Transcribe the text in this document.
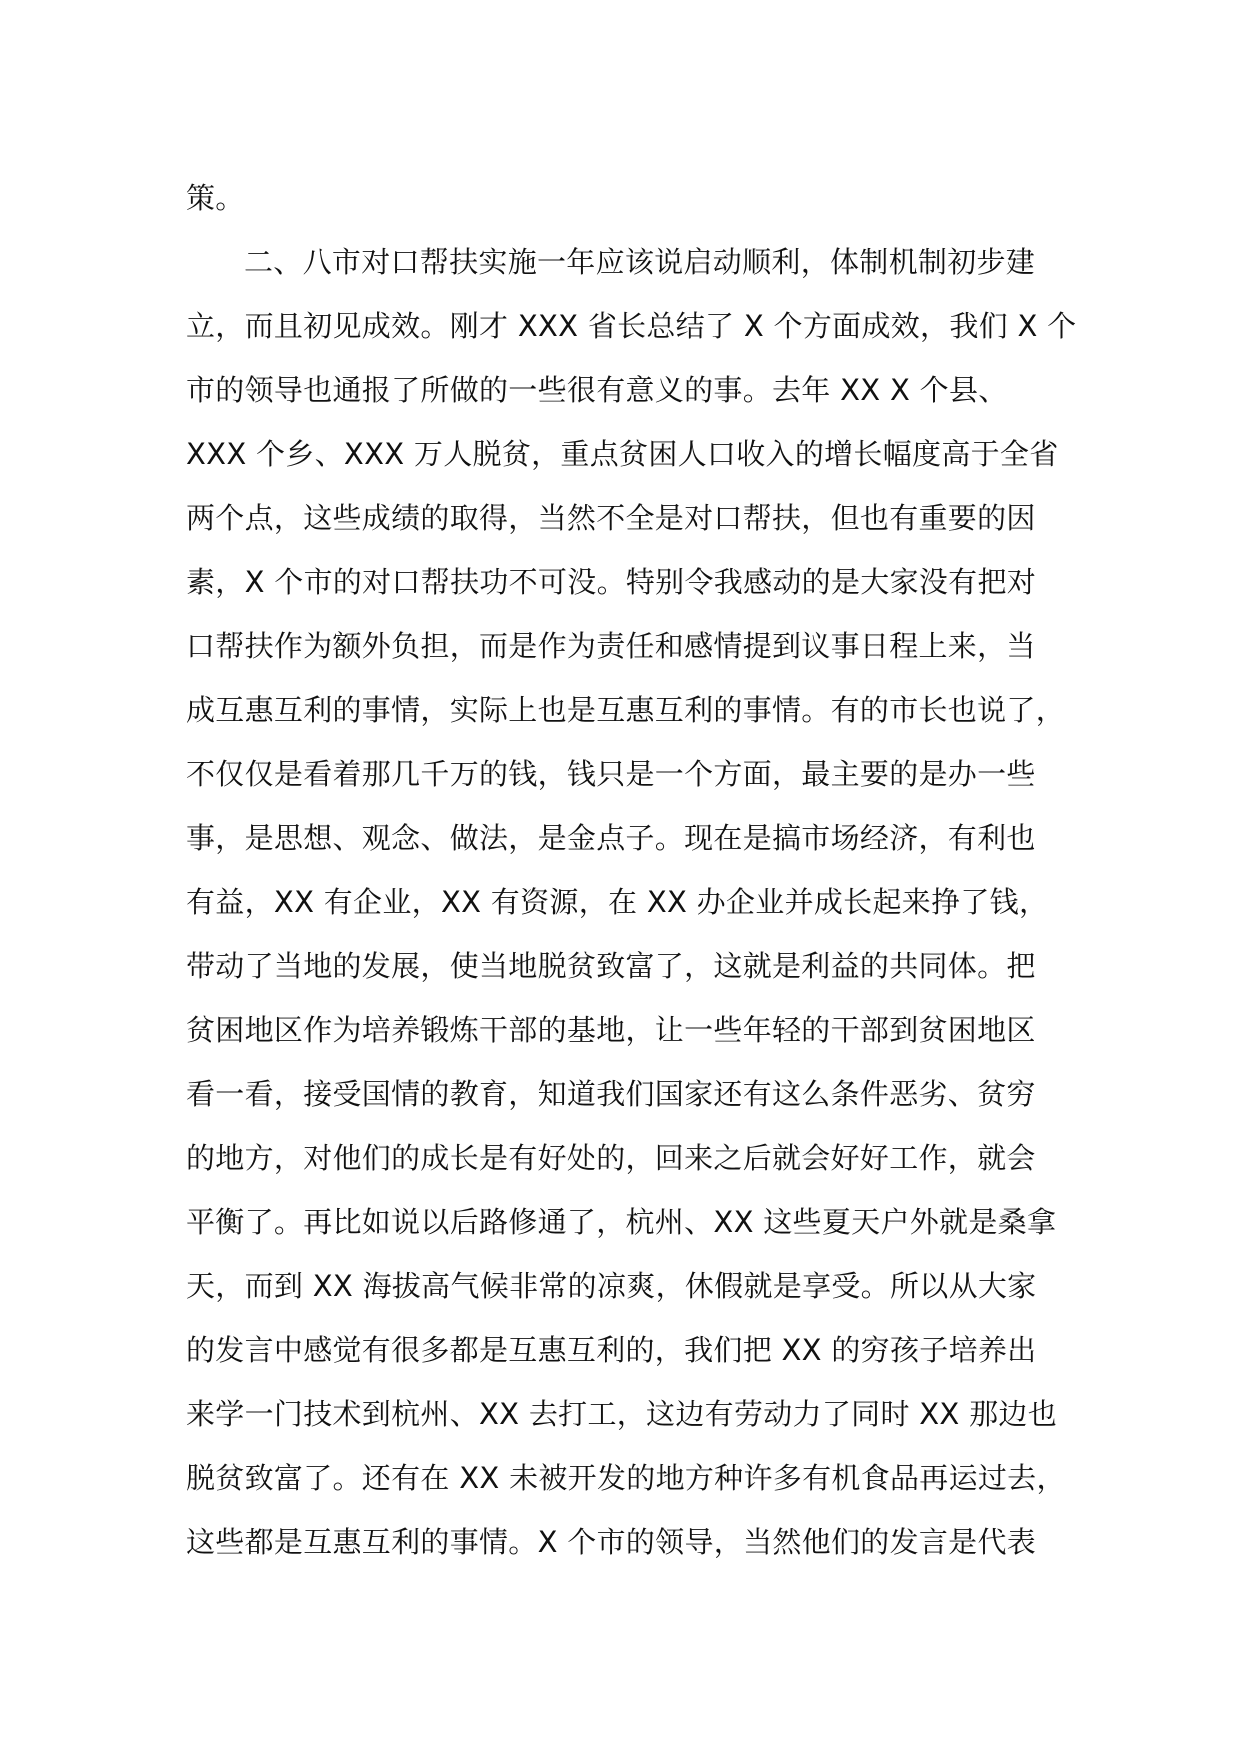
策。
二、八市对口帮扶实施一年应该说启动顺利，体制机制初步建
立，而且初见成效。刚才 XXX 省长总结了 X 个方面成效，我们 X 个
市的领导也通报了所做的一些很有意义的事。去年 XX X 个县、
XXX 个乡、XXX 万人脱贫，重点贫困人口收入的增长幅度高于全省
两个点，这些成绩的取得，当然不全是对口帮扶，但也有重要的因
素，X 个市的对口帮扶功不可没。特别令我感动的是大家没有把对
口帮扶作为额外负担，而是作为责任和感情提到议事日程上来，当
成互惠互利的事情，实际上也是互惠互利的事情。有的市长也说了，
不仅仅是看着那几千万的钱，钱只是一个方面，最主要的是办一些
事，是思想、观念、做法，是金点子。现在是搞市场经济，有利也
有益，XX 有企业，XX 有资源，在 XX 办企业并成长起来挣了钱，
带动了当地的发展，使当地脱贫致富了，这就是利益的共同体。把
贫困地区作为培养锻炼干部的基地，让一些年轻的干部到贫困地区
看一看，接受国情的教育，知道我们国家还有这么条件恶劣、贫穷
的地方，对他们的成长是有好处的，回来之后就会好好工作，就会
平衡了。再比如说以后路修通了，杭州、XX 这些夏天户外就是桑拿
天，而到 XX 海拔高气候非常的凉爽，休假就是享受。所以从大家
的发言中感觉有很多都是互惠互利的，我们把 XX 的穷孩子培养出
来学一门技术到杭州、XX 去打工，这边有劳动力了同时 XX 那边也
脱贫致富了。还有在 XX 未被开发的地方种许多有机食品再运过去，
这些都是互惠互利的事情。X 个市的领导，当然他们的发言是代表
